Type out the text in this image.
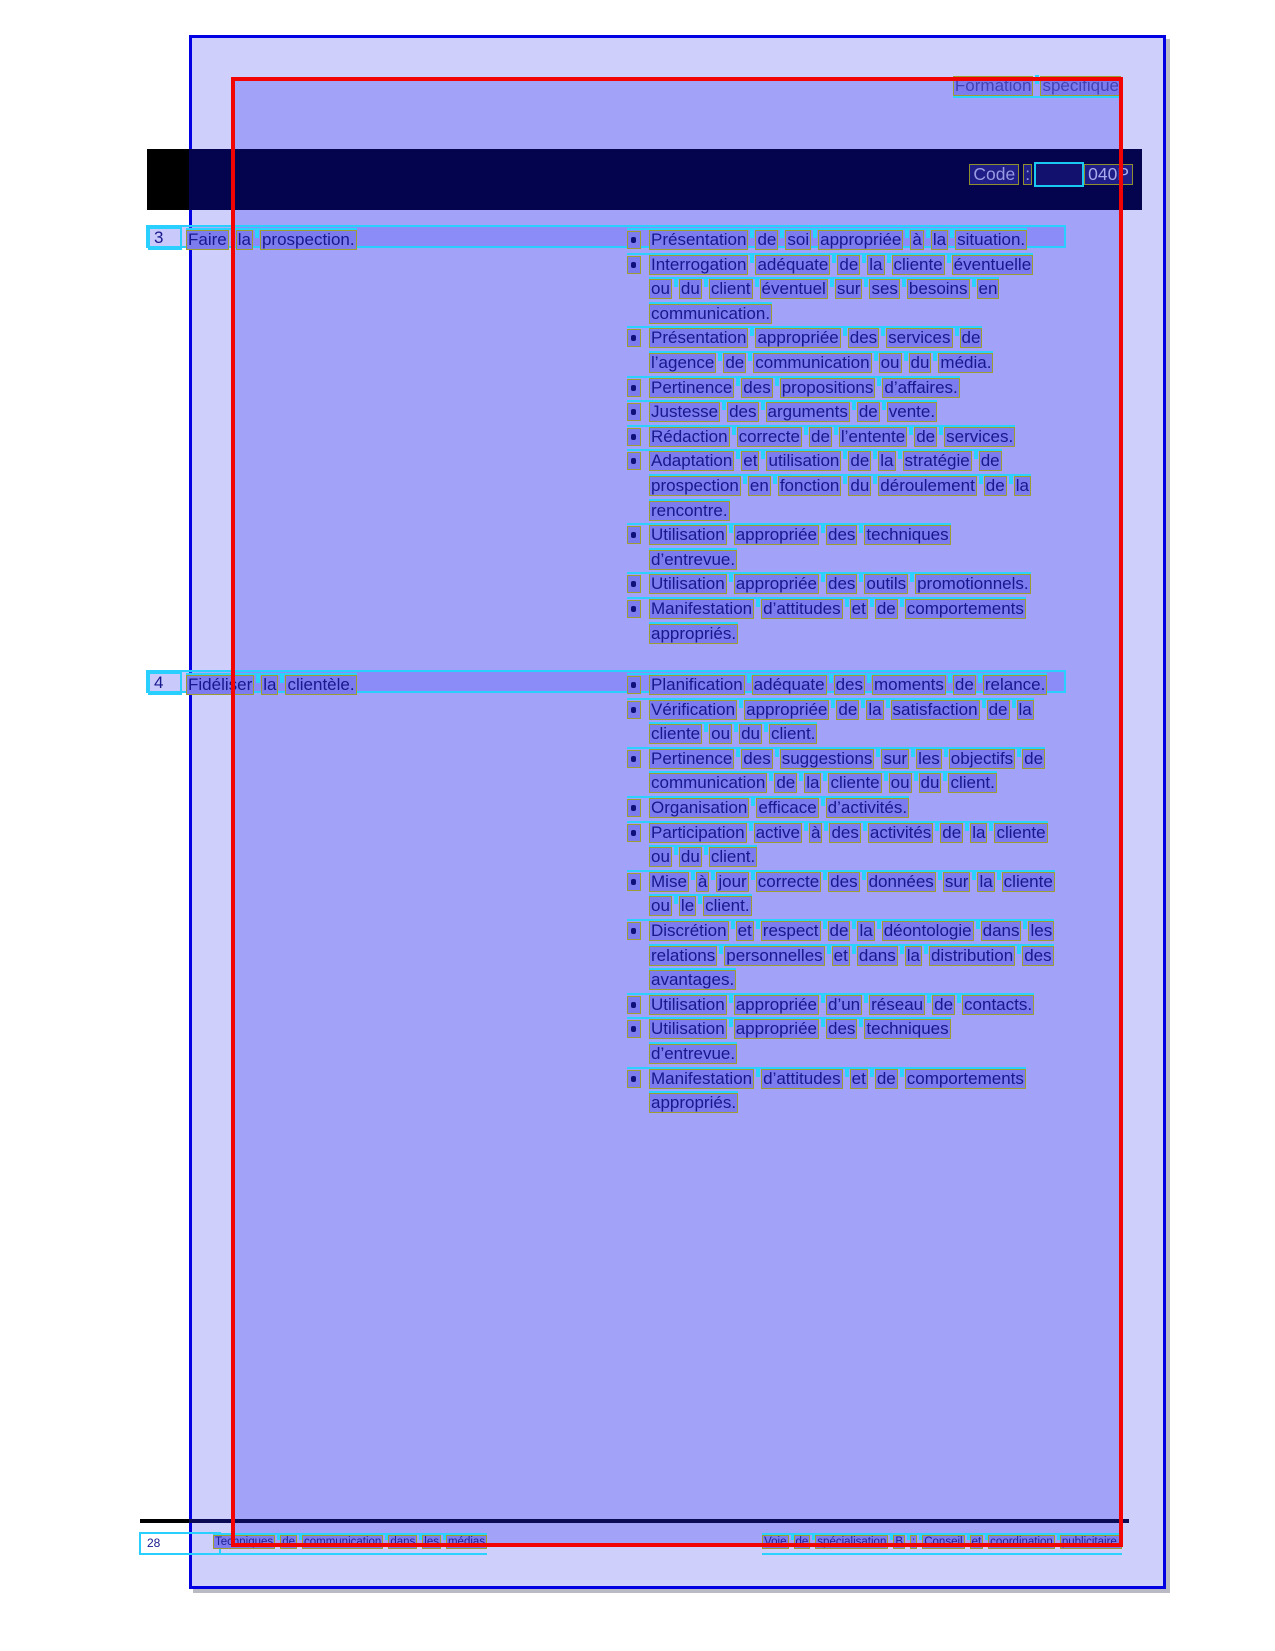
Formation spécifique
Code :	040P
3	Faire la prospection.	Présentation de soi appropriée à la situation.
Interrogation adéquate de la cliente éventuelle
ou du client éventuel sur ses besoins en
communication.
Présentation appropriée des services de
l’agence de communication ou du média.
Pertinence des propositions d’affaires.
Justesse des arguments de vente.
Rédaction correcte de l’entente de services.
Adaptation et utilisation de la stratégie de
prospection en fonction du déroulement de la
rencontre.
Utilisation appropriée des techniques
d’entrevue.
Utilisation appropriée des outils promotionnels.
Manifestation d’attitudes et de comportements
appropriés.
4	Fidéliser la clientèle.	Planification adéquate des moments de relance.
Vérification appropriée de la satisfaction de la
cliente ou du client.
Pertinence des suggestions sur les objectifs de
communication de la cliente ou du client.
Organisation efficace d’activités.
Participation active à des activités de la cliente
ou du client.
Mise à jour correcte des données sur la cliente
ou le client.
Discrétion et respect de la déontologie dans les
relations personnelles et dans la distribution des
avantages.
Utilisation appropriée d’un réseau de contacts.
Utilisation appropriée des techniques
d’entrevue.
Manifestation d’attitudes et de comportements
appropriés.
28	Techniques de communication dans les médias	Voie de spécialisation B : Conseil et coordination publicitaire.
